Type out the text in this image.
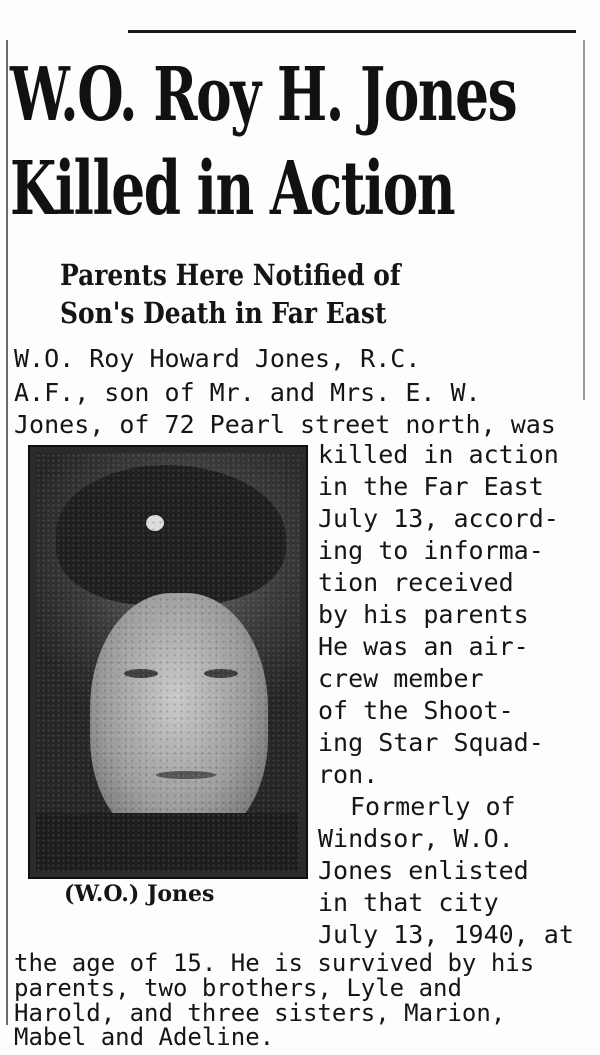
W.O. Roy H. Jones
Killed in Action
Parents Here Notified of
Son's Death in Far East

W.O. Roy Howard Jones, R.C.

A.F., son of Mr. and Mrs. E. W.

Jones, of 72 Pearl street north, was

killed in action

in the Far East

July 13, accord-

ing to informa-

tion received

by his parents

He was an air-

crew member

of the Shoot-

ing Star Squad-

ron.

Formerly of

Windsor, W.O.

Jones enlisted

in that city

(W.O.) Jones

July 13, 1940, at

the age of 15. He is survived by his

parents, two brothers, Lyle and

Harold, and three sisters, Marion,

Mabel and Adeline.
